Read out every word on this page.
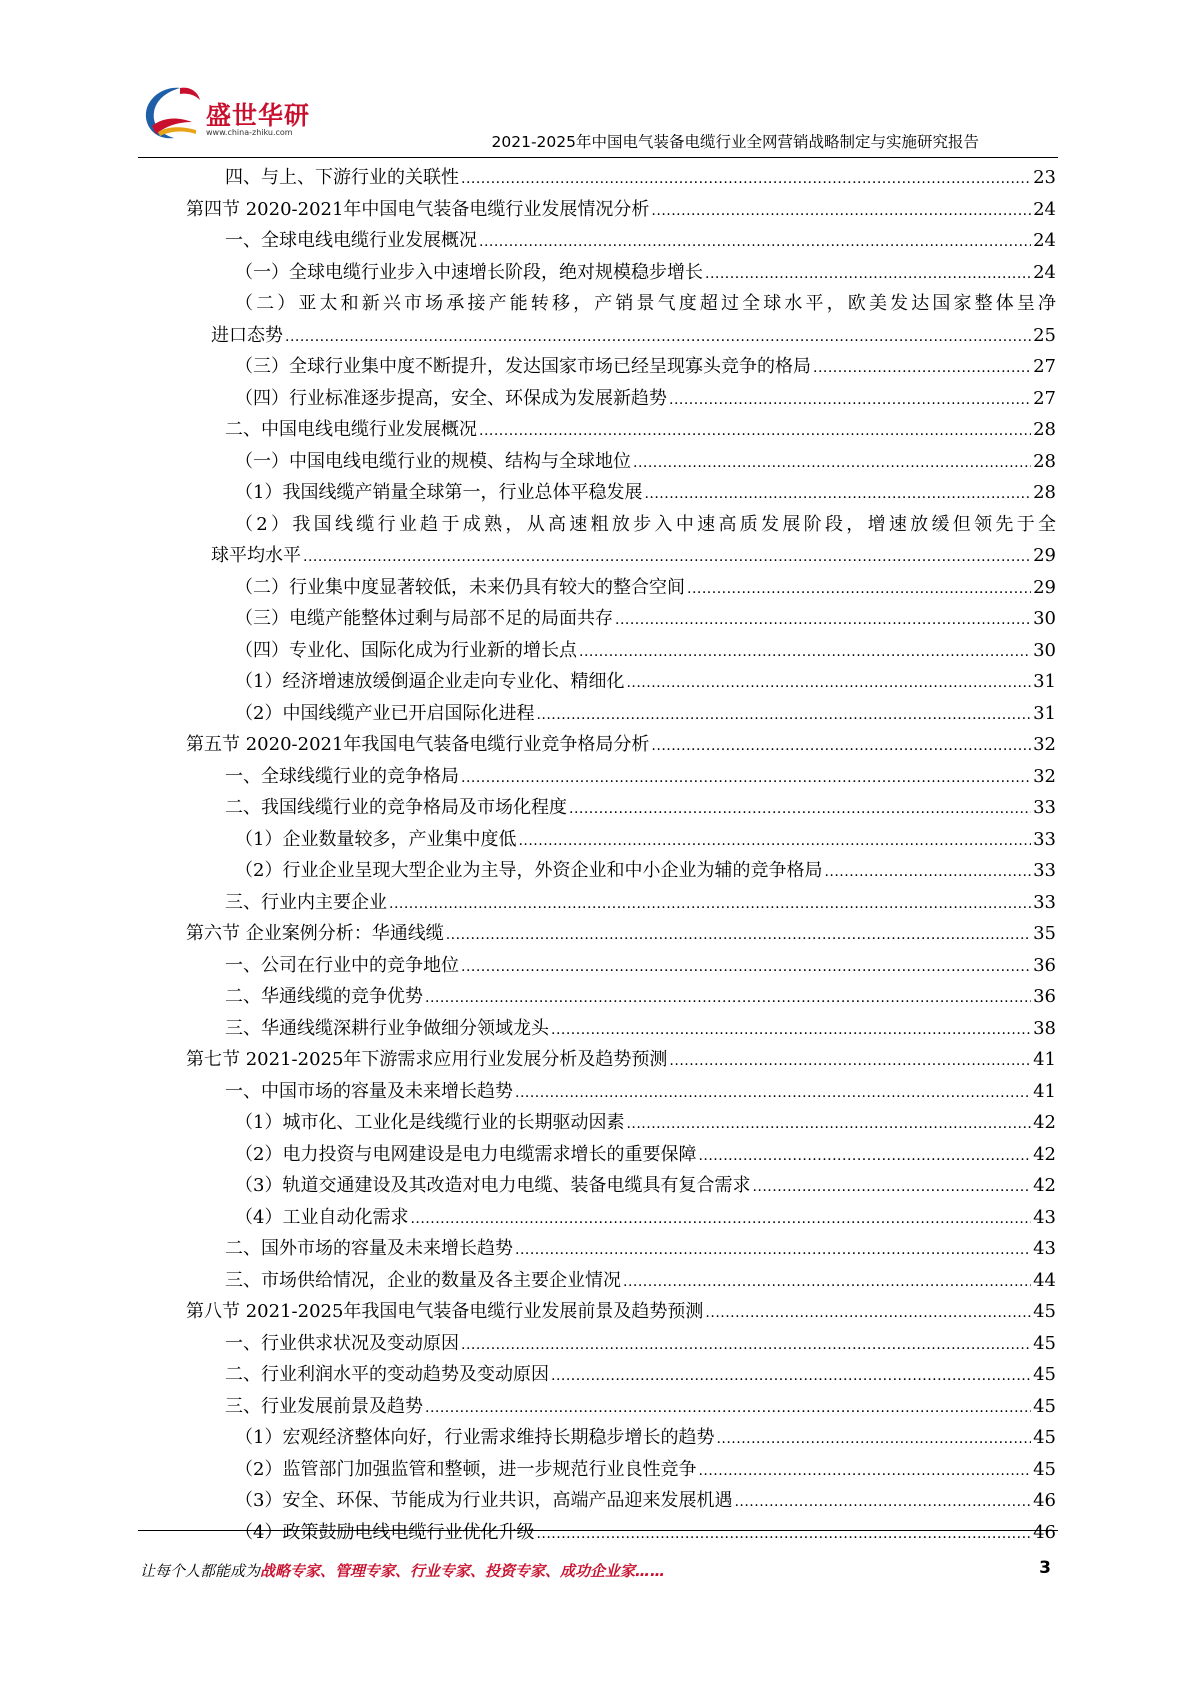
盛世华研
www.china-zhiku.com
2021-2025年中国电气装备电缆行业全网营销战略制定与实施研究报告
四、与上、下游行业的关联性 .....	23
第四节 2020-2021年中国电气装备电缆行业发展情况分析 .....	24
一、全球电线电缆行业发展概况 .....	24
（一）全球电缆行业步入中速增长阶段，绝对规模稳步增长 .....	24
（二）亚太和新兴市场承接产能转移，产销景气度超过全球水平，欧美发达国家整体呈净
进口态势 .....	25
（三）全球行业集中度不断提升，发达国家市场已经呈现寡头竞争的格局 .....	27
（四）行业标准逐步提高，安全、环保成为发展新趋势 .....	27
二、中国电线电缆行业发展概况 .....	28
（一）中国电线电缆行业的规模、结构与全球地位 .....	28
（1）我国线缆产销量全球第一，行业总体平稳发展 .....	28
（2）我国线缆行业趋于成熟，从高速粗放步入中速高质发展阶段，增速放缓但领先于全
球平均水平 .....	29
（二）行业集中度显著较低，未来仍具有较大的整合空间 .....	29
（三）电缆产能整体过剩与局部不足的局面共存 .....	30
（四）专业化、国际化成为行业新的增长点 .....	30
（1）经济增速放缓倒逼企业走向专业化、精细化 .....	31
（2）中国线缆产业已开启国际化进程 .....	31
第五节 2020-2021年我国电气装备电缆行业竞争格局分析 .....	32
一、全球线缆行业的竞争格局 .....	32
二、我国线缆行业的竞争格局及市场化程度 .....	33
（1）企业数量较多，产业集中度低 .....	33
（2）行业企业呈现大型企业为主导，外资企业和中小企业为辅的竞争格局 .....	33
三、行业内主要企业 .....	33
第六节 企业案例分析：华通线缆 .....	35
一、公司在行业中的竞争地位 .....	36
二、华通线缆的竞争优势 .....	36
三、华通线缆深耕行业争做细分领域龙头 .....	38
第七节 2021-2025年下游需求应用行业发展分析及趋势预测 .....	41
一、中国市场的容量及未来增长趋势 .....	41
（1）城市化、工业化是线缆行业的长期驱动因素 .....	42
（2）电力投资与电网建设是电力电缆需求增长的重要保障 .....	42
（3）轨道交通建设及其改造对电力电缆、装备电缆具有复合需求 .....	42
（4）工业自动化需求 .....	43
二、国外市场的容量及未来增长趋势 .....	43
三、市场供给情况，企业的数量及各主要企业情况 .....	44
第八节 2021-2025年我国电气装备电缆行业发展前景及趋势预测 .....	45
一、行业供求状况及变动原因 .....	45
二、行业利润水平的变动趋势及变动原因 .....	45
三、行业发展前景及趋势 .....	45
（1）宏观经济整体向好，行业需求维持长期稳步增长的趋势 .....	45
（2）监管部门加强监管和整顿，进一步规范行业良性竞争 .....	45
（3）安全、环保、节能成为行业共识，高端产品迎来发展机遇 .....	46
（4）政策鼓励电线电缆行业优化升级 .....	46
让每个人都能成为战略专家、管理专家、行业专家、投资专家、成功企业家……	3
